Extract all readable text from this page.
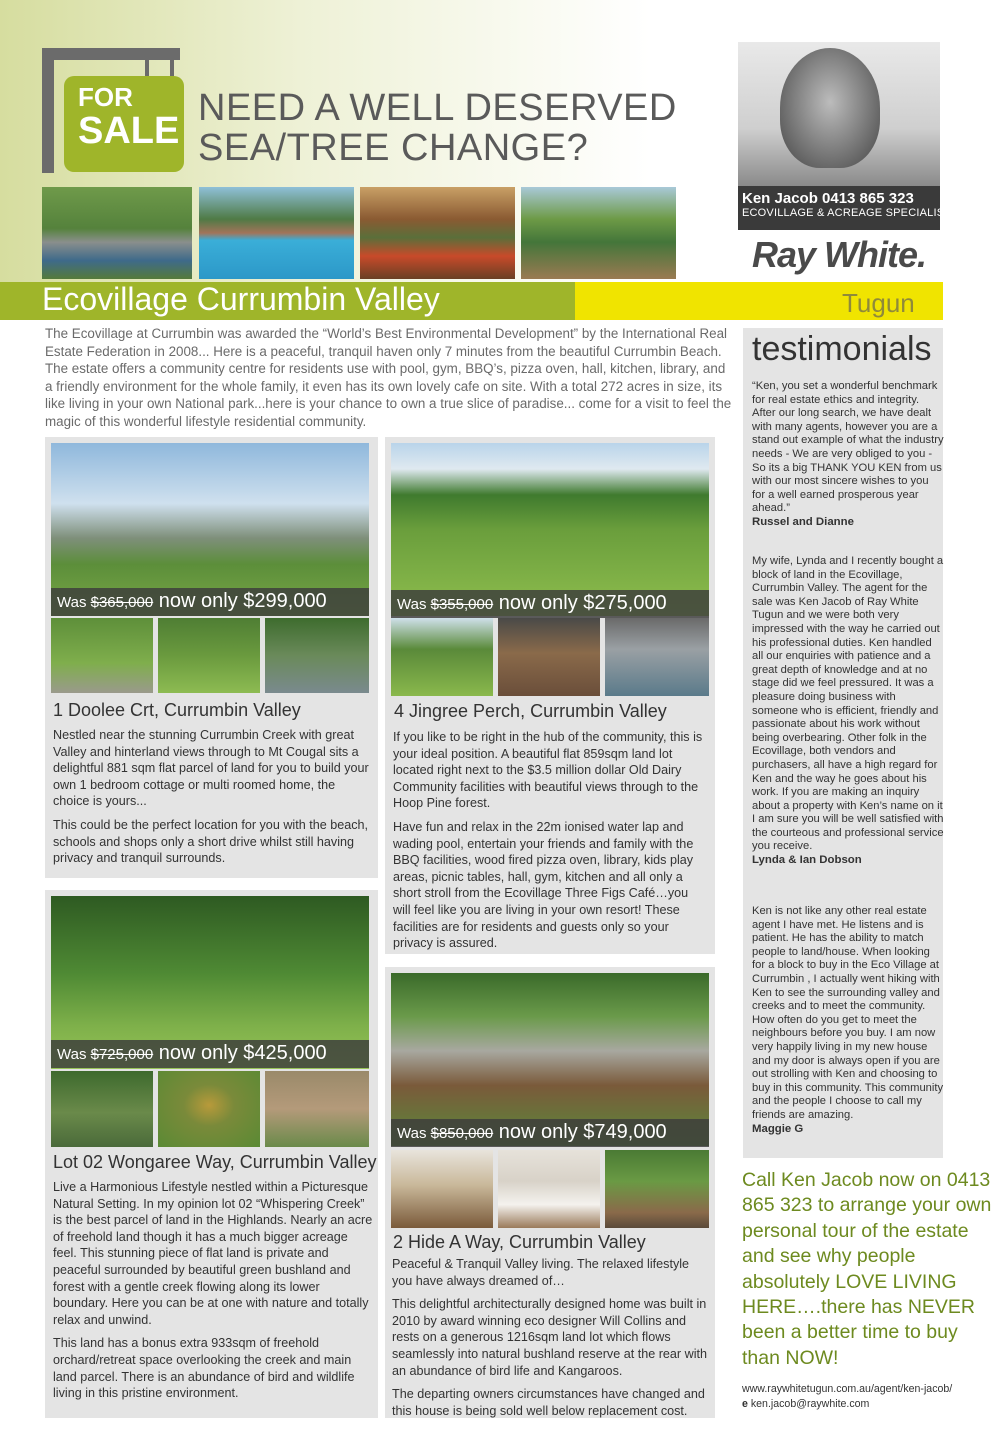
FOR
SALE
NEED A WELL DESERVED
SEA/TREE CHANGE?
Ken Jacob 0413 865 323
ECOVILLAGE & ACREAGE SPECIALIST
Ray White.
Ecovillage Currumbin Valley	Tugun
The Ecovillage at Currumbin was awarded the “World’s Best Environmental Development” by the International Real Estate Federation in 2008... Here is a peaceful, tranquil haven only 7 minutes from the beautiful Currumbin Beach. The estate offers a community centre for residents use with pool, gym, BBQ’s, pizza oven, hall, kitchen, library, and a friendly environment for the whole family, it even has its own lovely cafe on site. With a total 272 acres in size, its like living in your own National park...here is your chance to own a true slice of paradise... come for a visit to feel the magic of this wonderful lifestyle residential community.
Was $365,000 now only $299,000
1 Doolee Crt, Currumbin Valley

Nestled near the stunning Currumbin Creek with great Valley and hinterland views through to Mt Cougal sits a delightful 881 sqm flat parcel of land for you to build your own 1 bedroom cottage or multi roomed home, the choice is yours...

This could be the perfect location for you with the beach, schools and shops only a short drive whilst still having privacy and tranquil surrounds.

Was $355,000 now only $275,000
4 Jingree Perch, Currumbin Valley

If you like to be right in the hub of the community, this is your ideal position. A beautiful flat 859sqm land lot located right next to the $3.5 million dollar Old Dairy Community facilities with beautiful views through to the Hoop Pine forest.

Have fun and relax in the 22m ionised water lap and wading pool, entertain your friends and family with the BBQ facilities, wood fired pizza oven, library, kids play areas, picnic tables, hall, gym, kitchen and all only a short stroll from the Ecovillage Three Figs Café…you will feel like you are living in your own resort! These facilities are for residents and guests only so your privacy is assured.

Was $725,000 now only $425,000
Lot 02 Wongaree Way, Currumbin Valley

Live a Harmonious Lifestyle nestled within a Picturesque Natural Setting. In my opinion lot 02 “Whispering Creek” is the best parcel of land in the Highlands. Nearly an acre of freehold land though it has a much bigger acreage feel. This stunning piece of flat land is private and peaceful surrounded by beautiful green bushland and forest with a gentle creek flowing along its lower boundary. Here you can be at one with nature and totally relax and unwind.

This land has a bonus extra 933sqm of freehold orchard/retreat space overlooking the creek and main land parcel. There is an abundance of bird and wildlife living in this pristine environment.

Was $850,000 now only $749,000
2 Hide A Way, Currumbin Valley

Peaceful & Tranquil Valley living. The relaxed lifestyle you have always dreamed of…

This delightful architecturally designed home was built in 2010 by award winning eco designer Will Collins and rests on a generous 1216sqm land lot which flows seamlessly into natural bushland reserve at the rear with an abundance of bird life and Kangaroos.

The departing owners circumstances have changed and this house is being sold well below replacement cost.

testimonials
“Ken, you set a wonderful benchmark for real estate ethics and integrity. After our long search, we have dealt with many agents, however you are a stand out example of what the industry needs - We are very obliged to you - So its a big THANK YOU KEN from us with our most sincere wishes to you for a well earned prosperous year ahead.”
Russel and Dianne
My wife, Lynda and I recently bought a block of land in the Ecovillage, Currumbin Valley. The agent for the sale was Ken Jacob of Ray White Tugun and we were both very impressed with the way he carried out his professional duties. Ken handled all our enquiries with patience and a great depth of knowledge and at no stage did we feel pressured. It was a pleasure doing business with someone who is efficient, friendly and passionate about his work without being overbearing. Other folk in the Ecovillage, both vendors and purchasers, all have a high regard for Ken and the way he goes about his work. If you are making an inquiry about a property with Ken’s name on it I am sure you will be well satisfied with the courteous and professional service you receive.
Lynda & Ian Dobson
Ken is not like any other real estate agent I have met. He listens and is patient. He has the ability to match people to land/house. When looking for a block to buy in the Eco Village at Currumbin , I actually went hiking with Ken to see the surrounding valley and creeks and to meet the community. How often do you get to meet the neighbours before you buy. I am now very happily living in my new house and my door is always open if you are out strolling with Ken and choosing to buy in this community. This community and the people I choose to call my friends are amazing.
Maggie G
Call Ken Jacob now on 0413 865 323 to arrange your own personal tour of the estate and see why people absolutely LOVE LIVING HERE….there has NEVER been a better time to buy than NOW!
www.raywhitetugun.com.au/agent/ken-jacob/
e ken.jacob@raywhite.com
